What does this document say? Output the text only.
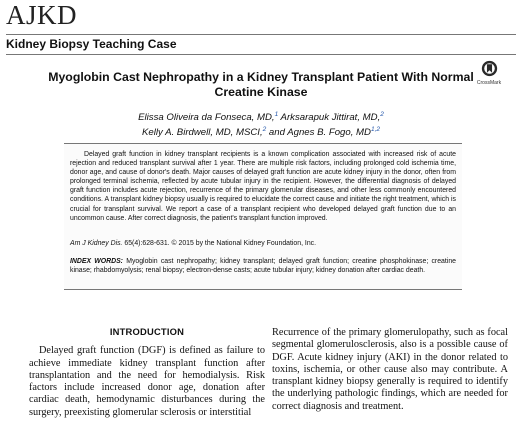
AJKD
Kidney Biopsy Teaching Case
Myoglobin Cast Nephropathy in a Kidney Transplant Patient With Normal Creatine Kinase
CrossMark
Elissa Oliveira da Fonseca, MD,$^1$ Arksarapuk Jittirat, MD,$^2$
Kelly A. Birdwell, MD, MSCI,$^2$ and Agnes B. Fogo, MD$^{1,2}$

Delayed graft function in kidney transplant recipients is a known complication associated with increased risk of acute rejection and reduced transplant survival after 1 year. There are multiple risk factors, including prolonged cold ischemia time, donor age, and cause of donor's death. Major causes of delayed graft function are acute kidney injury in the donor, often from prolonged terminal ischemia, reflected by acute tubular injury in the recipient. However, the differential diagnosis of delayed graft function includes acute rejection, recurrence of the primary glomerular diseases, and other less commonly encountered conditions. A transplant kidney biopsy usually is required to elucidate the correct cause and initiate the right treatment, which is crucial for transplant survival. We report a case of a transplant recipient who developed delayed graft function due to an uncommon cause. After correct diagnosis, the patient's transplant function improved.

Am J Kidney Dis. 65(4):628-631. © 2015 by the National Kidney Foundation, Inc.

INDEX WORDS: Myoglobin cast nephropathy; kidney transplant; delayed graft function; creatine phosphokinase; creatine kinase; rhabdomyolysis; renal biopsy; electron-dense casts; acute tubular injury; kidney donation after cardiac death.

INTRODUCTION
Delayed graft function (DGF) is defined as failure to achieve immediate kidney transplant function after transplantation and the need for hemodialysis. Risk factors include increased donor age, donation after cardiac death, hemodynamic disturbances during the surgery, preexisting glomerular sclerosis or interstitial
Recurrence of the primary glomerulopathy, such as focal segmental glomerulosclerosis, also is a possible cause of DGF. Acute kidney injury (AKI) in the donor related to toxins, ischemia, or other cause also may contribute. A transplant kidney biopsy generally is required to identify the underlying pathologic findings, which are needed for correct diagnosis and treatment.
